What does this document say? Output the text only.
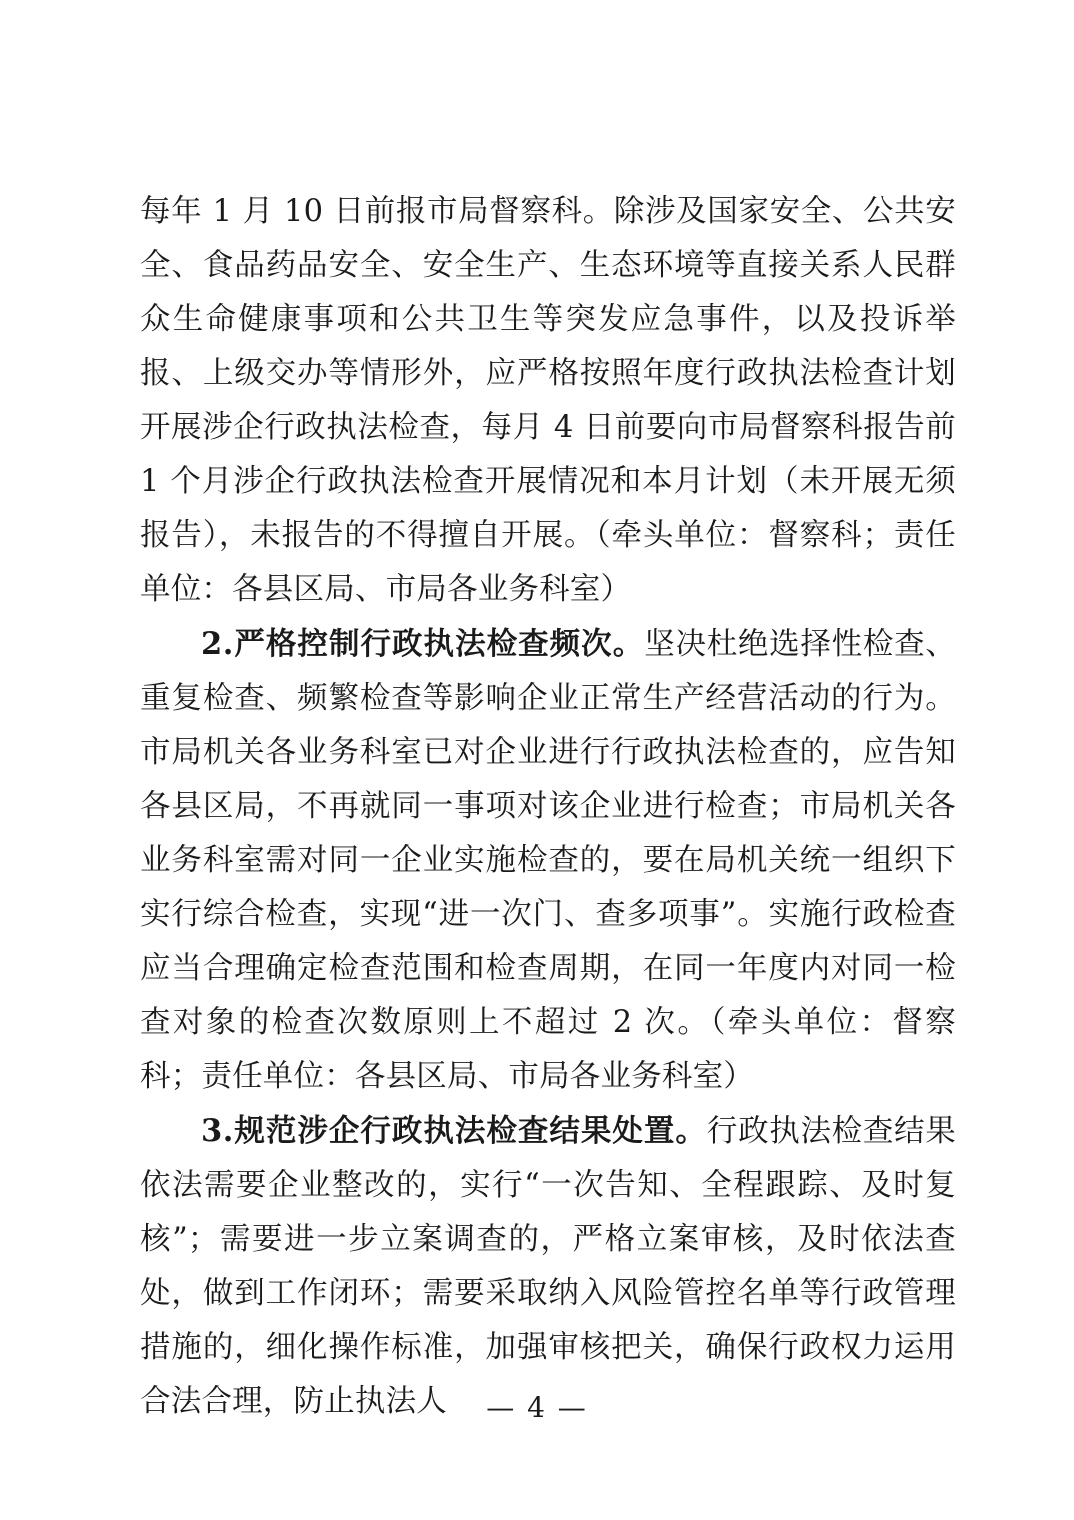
每年 1 月 10 日前报市局督察科。除涉及国家安全、公共安全、食品药品安全、安全生产、生态环境等直接关系人民群众生命健康事项和公共卫生等突发应急事件，以及投诉举报、上级交办等情形外，应严格按照年度行政执法检查计划开展涉企行政执法检查，每月 4 日前要向市局督察科报告前 1 个月涉企行政执法检查开展情况和本月计划（未开展无须报告），未报告的不得擅自开展。（牵头单位：督察科；责任单位：各县区局、市局各业务科室）

2.严格控制行政执法检查频次。坚决杜绝选择性检查、重复检查、频繁检查等影响企业正常生产经营活动的行为。市局机关各业务科室已对企业进行行政执法检查的，应告知各县区局，不再就同一事项对该企业进行检查；市局机关各业务科室需对同一企业实施检查的，要在局机关统一组织下实行综合检查，实现“进一次门、查多项事”。实施行政检查应当合理确定检查范围和检查周期，在同一年度内对同一检查对象的检查次数原则上不超过 2 次。（牵头单位：督察科；责任单位：各县区局、市局各业务科室）

3.规范涉企行政执法检查结果处置。行政执法检查结果依法需要企业整改的，实行“一次告知、全程跟踪、及时复核”；需要进一步立案调查的，严格立案审核，及时依法查处，做到工作闭环；需要采取纳入风险管控名单等行政管理措施的，细化操作标准，加强审核把关，确保行政权力运用合法合理，防止执法人	— 4 —
